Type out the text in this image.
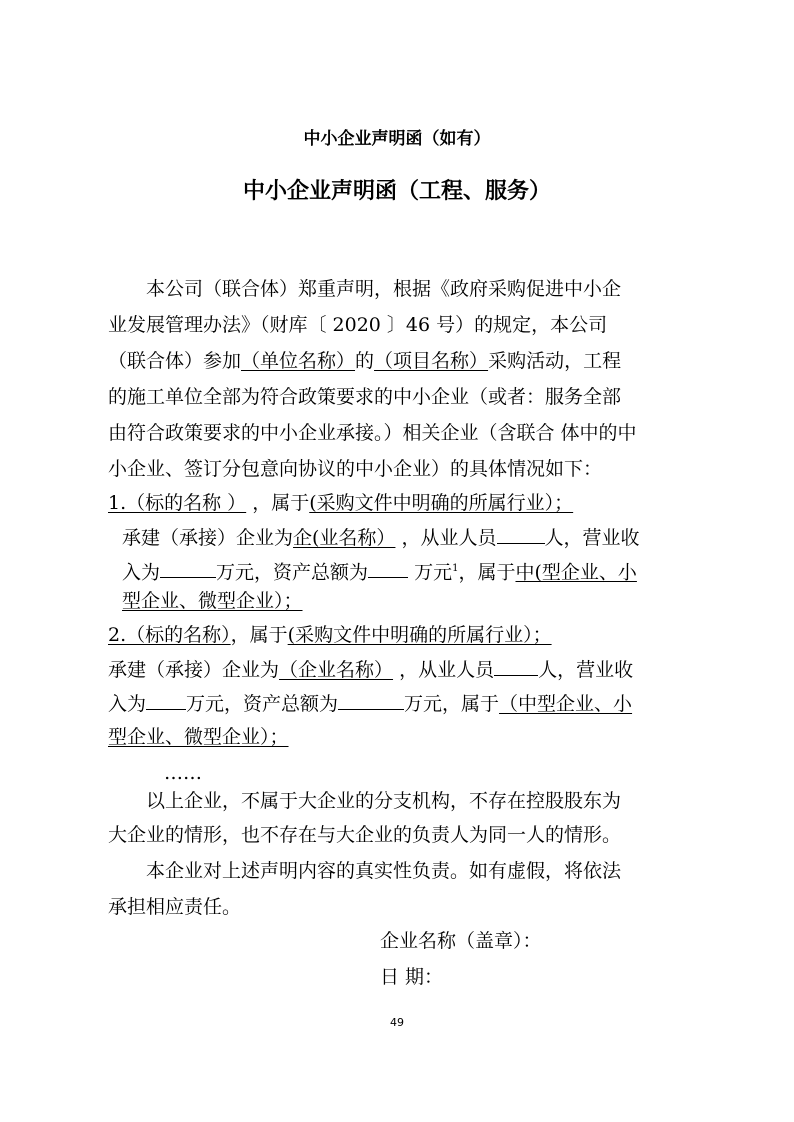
中小企业声明函（如有）
中小企业声明函（工程、服务）
本公司（联合体）郑重声明，根据《政府采购促进中小企
业发展管理办法》（财库〔 2020 〕46 号）的规定，本公司
（联合体）参加（单位名称）的（项目名称）采购活动，工程
的施工单位全部为符合政策要求的中小企业（或者：服务全部
由符合政策要求的中小企业承接。）相关企业（含联合 体中的中
小企业、签订分包意向协议的中小企业）的具体情况如下：
1.（标的名称 ） ，属于(采购文件中明确的所属行业）；
承建（承接）企业为企(业名称） ，从业人员	人，营业收
入为	万元，资产总额为 万元$^1$，属于中(型企业、小
型企业、微型企业）；
2.（标的名称），属于(采购文件中明确的所属行业）；
承建（承接）企业为（企业名称） ，从业人员 人，营业收
入为 万元，资产总额为	万元，属于（中型企业、小
型企业、微型企业）；
……
以上企业，不属于大企业的分支机构，不存在控股股东为
大企业的情形，也不存在与大企业的负责人为同一人的情形。
本企业对上述声明内容的真实性负责。如有虚假，将依法
承担相应责任。
企业名称（盖章）：
日 期：
49
